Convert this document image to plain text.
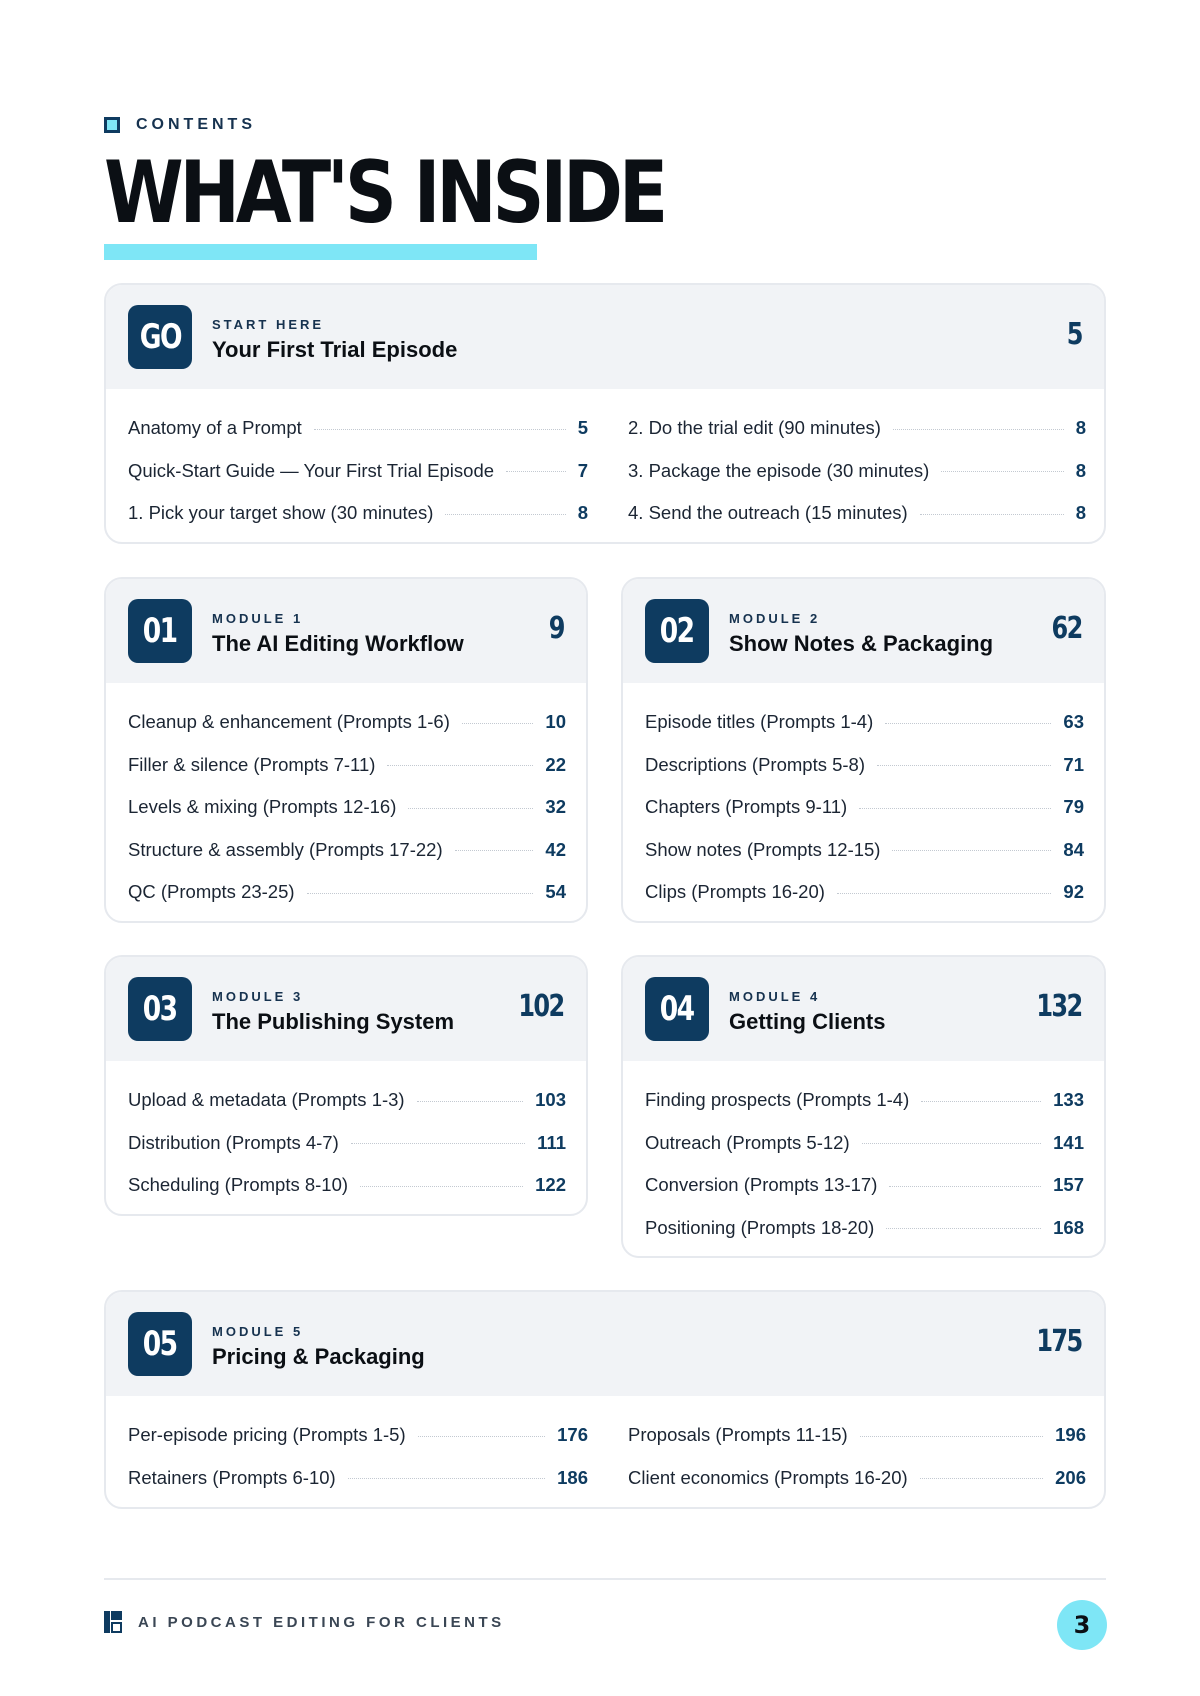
CONTENTS
WHAT'S INSIDE
GO START HERE
Your First Trial Episode	5
Anatomy of a Prompt	5
Quick-Start Guide — Your First Trial Episode	7
1. Pick your target show (30 minutes)	8
2. Do the trial edit (90 minutes)	8
3. Package the episode (30 minutes)	8
4. Send the outreach (15 minutes)	8
01	MODULE 1
The AI Editing Workflow	9
Cleanup & enhancement (Prompts 1-6)	10
Filler & silence (Prompts 7-11)	22
Levels & mixing (Prompts 12-16)	32
Structure & assembly (Prompts 17-22)	42
QC (Prompts 23-25)	54
02	MODULE 2
Show Notes & Packaging 62
Episode titles (Prompts 1-4)	63
Descriptions (Prompts 5-8)	71
Chapters (Prompts 9-11)	79
Show notes (Prompts 12-15)	84
Clips (Prompts 16-20)	92
03	MODULE 3
The Publishing System	102
Upload & metadata (Prompts 1-3)	103
Distribution (Prompts 4-7)	111
Scheduling (Prompts 8-10)	122
04	MODULE 4
Getting Clients	132
Finding prospects (Prompts 1-4)	133
Outreach (Prompts 5-12)	141
Conversion (Prompts 13-17)	157
Positioning (Prompts 18-20)	168
05	MODULE 5
Pricing & Packaging	175
Per-episode pricing (Prompts 1-5)	176
Retainers (Prompts 6-10)	186
Proposals (Prompts 11-15)	196
Client economics (Prompts 16-20)	206
AI PODCAST EDITING FOR CLIENTS	3
